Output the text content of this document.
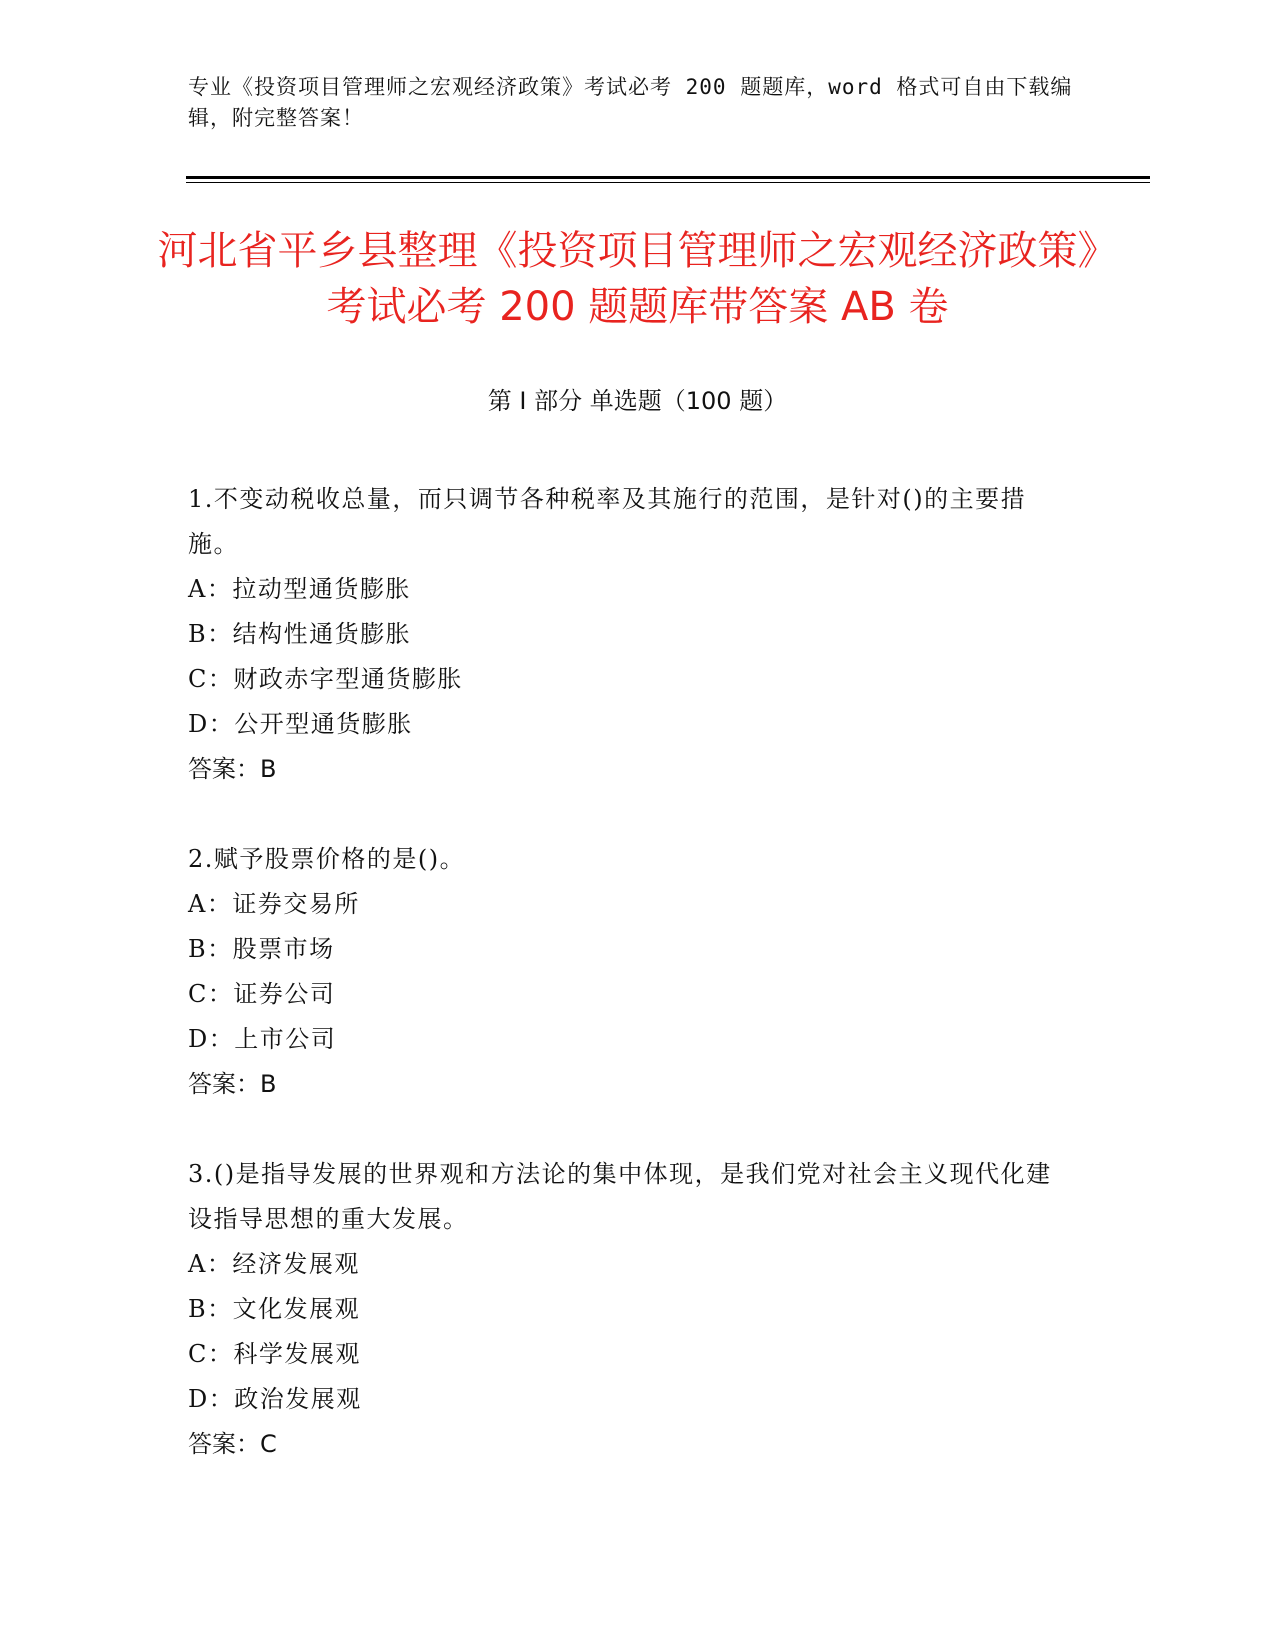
专业《投资项目管理师之宏观经济政策》考试必考 200 题题库，word 格式可自由下载编辑，附完整答案！
河北省平乡县整理《投资项目管理师之宏观经济政策》考试必考 200 题题库带答案 AB 卷
第 I 部分 单选题（100 题）
1.不变动税收总量，而只调节各种税率及其施行的范围，是针对()的主要措施。
A：拉动型通货膨胀
B：结构性通货膨胀
C：财政赤字型通货膨胀
D：公开型通货膨胀
答案：B
2.赋予股票价格的是()。
A：证券交易所
B：股票市场
C：证券公司
D：上市公司
答案：B
3.()是指导发展的世界观和方法论的集中体现，是我们党对社会主义现代化建设指导思想的重大发展。
A：经济发展观
B：文化发展观
C：科学发展观
D：政治发展观
答案：C
